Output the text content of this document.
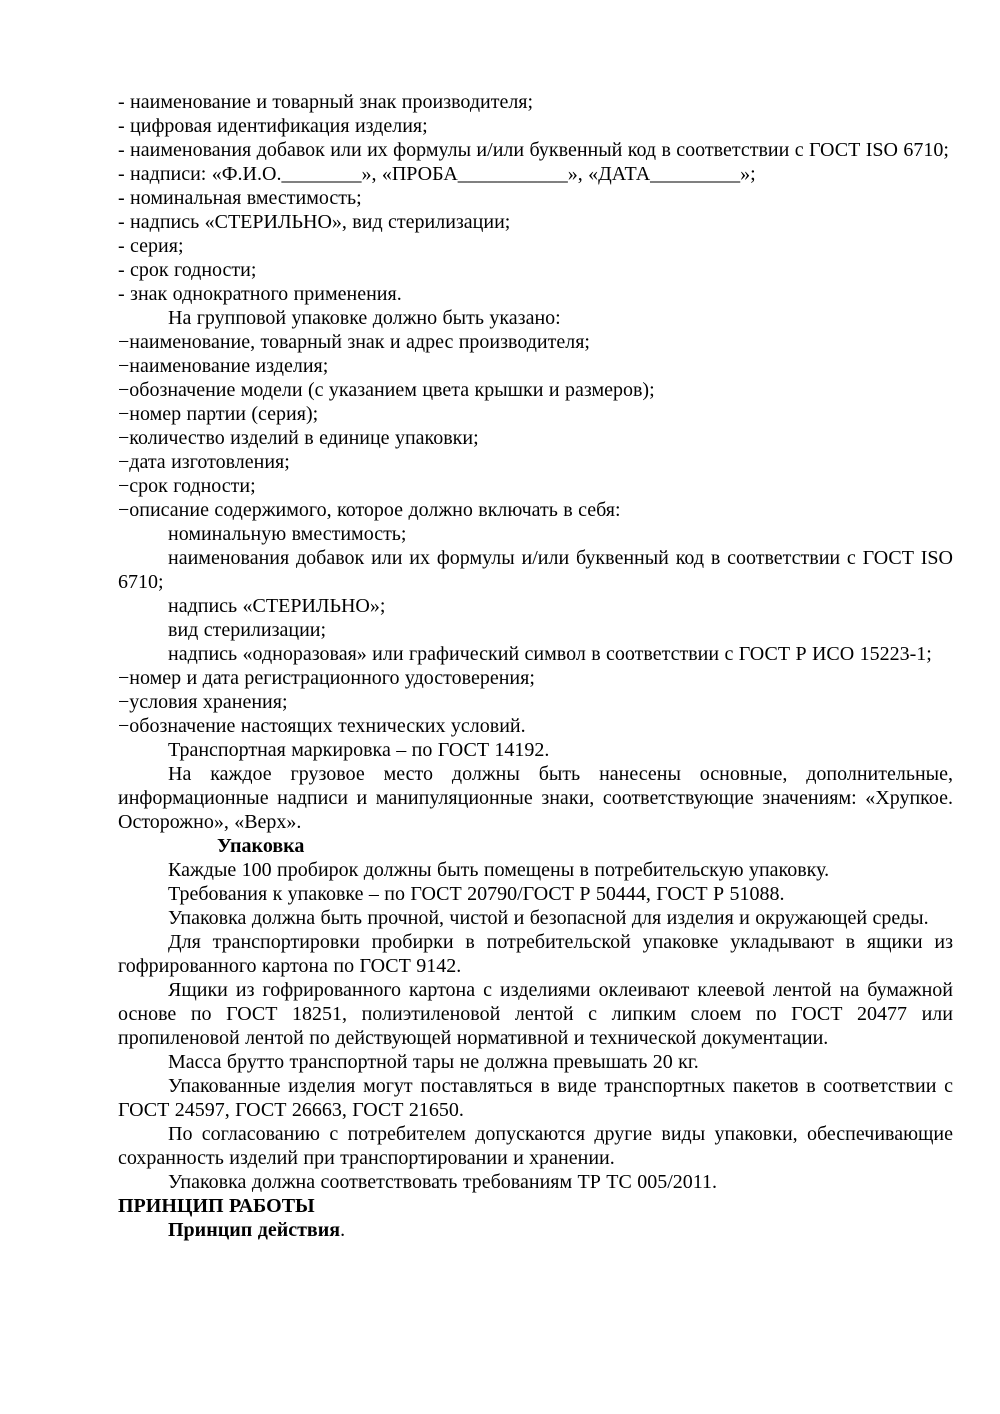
- наименование и товарный знак производителя;

- цифровая идентификация изделия;

- наименования добавок или их формулы и/или буквенный код в соответствии с ГОСТ ISO 6710;

- надписи: «Ф.И.О.________», «ПРОБА___________», «ДАТА_________»;

- номинальная вместимость;

- надпись «СТЕРИЛЬНО», вид стерилизации;

- серия;

- срок годности;

- знак однократного применения.

На групповой упаковке должно быть указано:

−наименование, товарный знак и адрес производителя;

−наименование изделия;

−обозначение модели (с указанием цвета крышки и размеров);

−номер партии (серия);

−количество изделий в единице упаковки;

−дата изготовления;

−срок годности;

−описание содержимого, которое должно включать в себя:

номинальную вместимость;

наименования добавок или их формулы и/или буквенный код в соответствии с ГОСТ ISO 6710;

надпись «СТЕРИЛЬНО»;

вид стерилизации;

надпись «одноразовая» или графический символ в соответствии с ГОСТ Р ИСО 15223-1;

−номер и дата регистрационного удостоверения;

−условия хранения;

−обозначение настоящих технических условий.

Транспортная маркировка – по ГОСТ 14192.

На каждое грузовое место должны быть нанесены основные, дополнительные, информационные надписи и манипуляционные знаки, соответствующие значениям: «Хрупкое. Осторожно», «Верх».

Упаковка

Каждые 100 пробирок должны быть помещены в потребительскую упаковку.

Требования к упаковке – по ГОСТ 20790/ГОСТ Р 50444, ГОСТ Р 51088.

Упаковка должна быть прочной, чистой и безопасной для изделия и окружающей среды.

Для транспортировки пробирки в потребительской упаковке укладывают в ящики из гофрированного картона по ГОСТ 9142.

Ящики из гофрированного картона с изделиями оклеивают клеевой лентой на бумажной основе по ГОСТ 18251, полиэтиленовой лентой с липким слоем по ГОСТ 20477 или пропиленовой лентой по действующей нормативной и технической документации.

Масса брутто транспортной тары не должна превышать 20 кг.

Упакованные изделия могут поставляться в виде транспортных пакетов в соответствии с ГОСТ 24597, ГОСТ 26663, ГОСТ 21650.

По согласованию с потребителем допускаются другие виды упаковки, обеспечивающие сохранность изделий при транспортировании и хранении.

Упаковка должна соответствовать требованиям ТР ТС 005/2011.

ПРИНЦИП РАБОТЫ

Принцип действия.
